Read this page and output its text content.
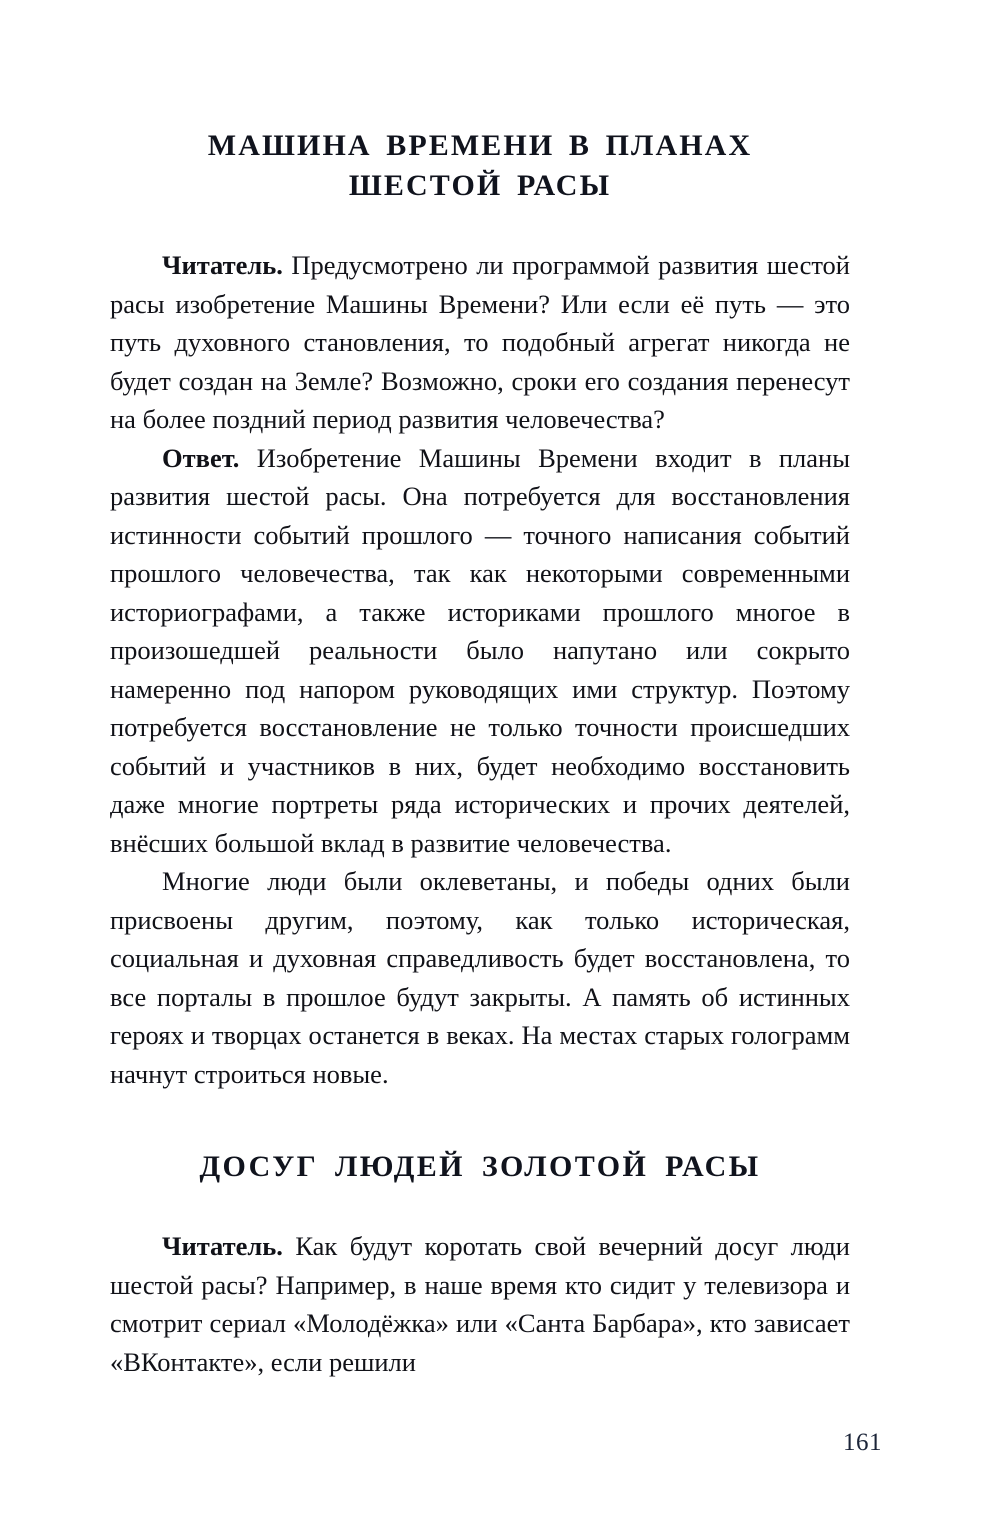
МАШИНА ВРЕМЕНИ В ПЛАНАХ
ШЕСТОЙ РАСЫ

Читатель. Предусмотрено ли программой развития шестой расы изобретение Машины Времени? Или если её путь — это путь духовного становления, то подобный агрегат никогда не будет создан на Земле? Возможно, сроки его создания перенесут на более поздний период развития человечества?

Ответ. Изобретение Машины Времени входит в планы развития шестой расы. Она потребуется для восстановления истинности событий прошлого — точного написания событий прошлого человечества, так как некоторыми современными историографами, а также историками прошлого многое в произошедшей реальности было напутано или сокрыто намеренно под напором руководящих ими структур. Поэтому потребуется восстановление не только точности происшедших событий и участников в них, будет необходимо восстановить даже многие портреты ряда исторических и прочих деятелей, внёсших большой вклад в развитие человечества.

Многие люди были оклеветаны, и победы одних были присвоены другим, поэтому, как только историческая, социальная и духовная справедливость будет восстановлена, то все порталы в прошлое будут закрыты. А память об истинных героях и творцах останется в веках. На местах старых голограмм начнут строиться новые.

ДОСУГ ЛЮДЕЙ ЗОЛОТОЙ РАСЫ

Читатель. Как будут коротать свой вечерний досуг люди шестой расы? Например, в наше время кто сидит у телевизора и смотрит сериал «Молодёжка» или «Санта Барбара», кто зависает «ВКонтакте», если решили

161
